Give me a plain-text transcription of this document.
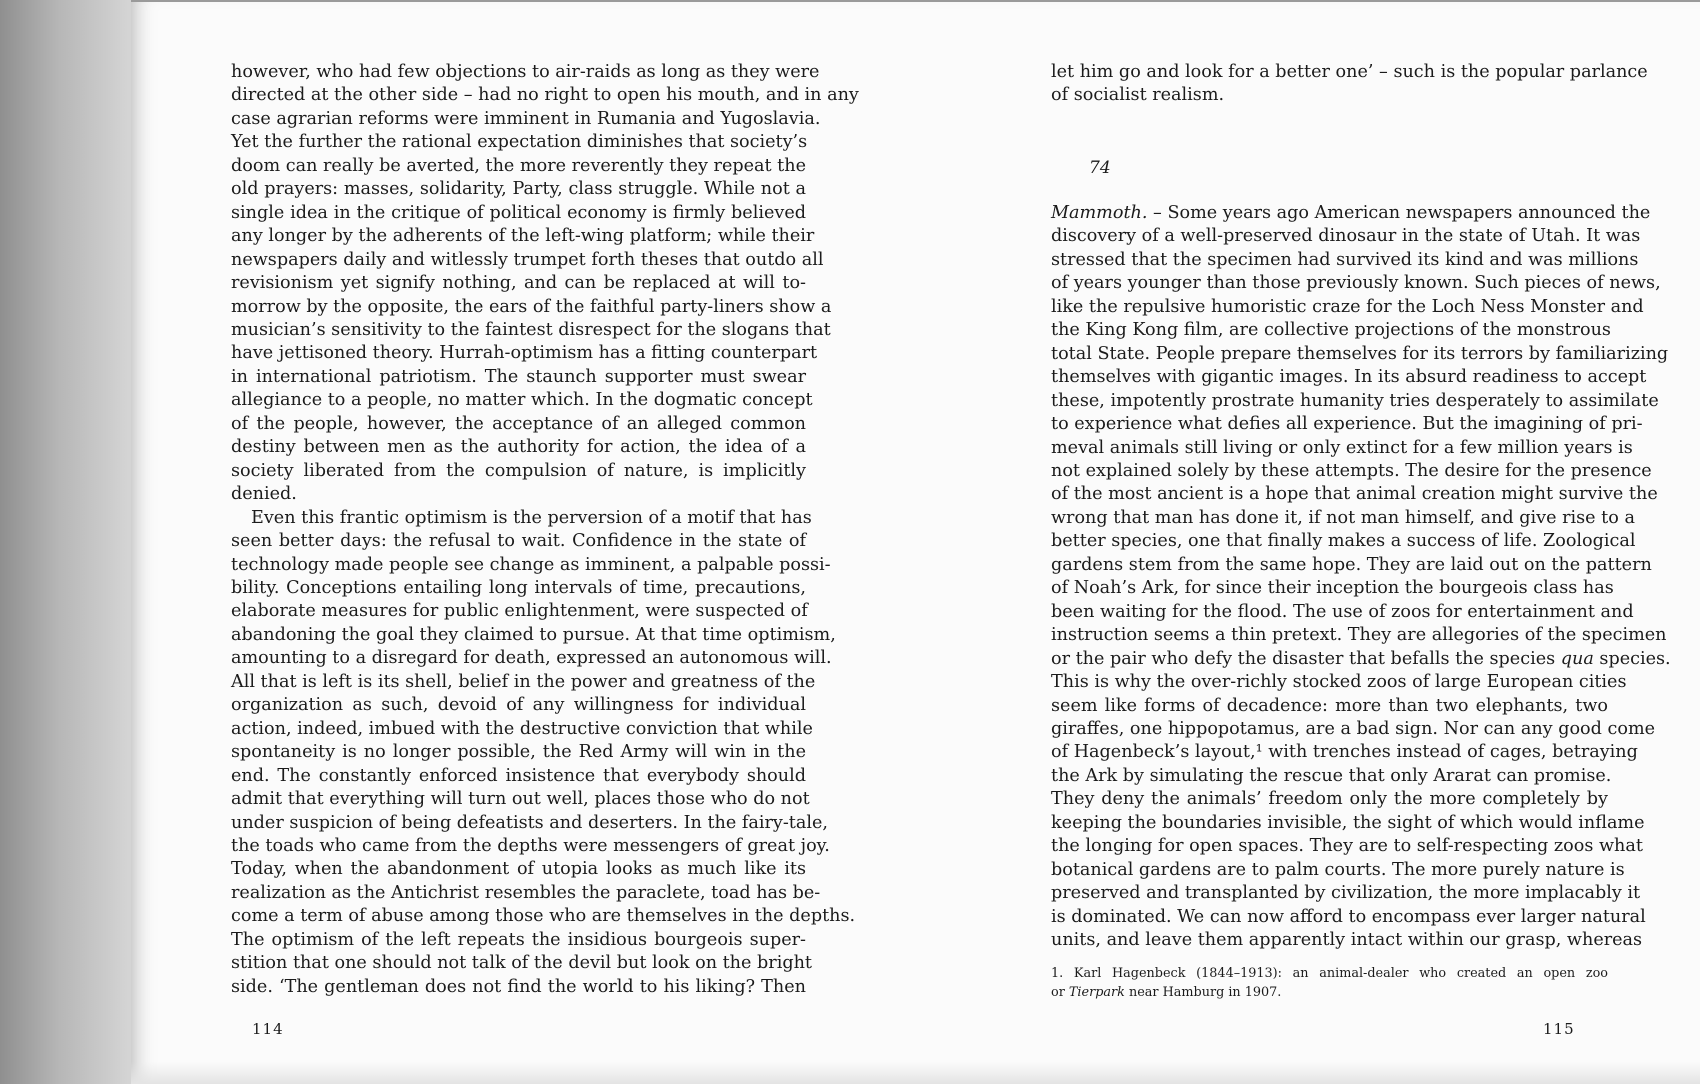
however, who had few objections to air-raids as long as they were
directed at the other side – had no right to open his mouth, and in any
case agrarian reforms were imminent in Rumania and Yugoslavia.
Yet the further the rational expectation diminishes that society’s
doom can really be averted, the more reverently they repeat the
old prayers: masses, solidarity, Party, class struggle. While not a
single idea in the critique of political economy is firmly believed
any longer by the adherents of the left-wing platform; while their
newspapers daily and witlessly trumpet forth theses that outdo all
revisionism yet signify nothing, and can be replaced at will to-
morrow by the opposite, the ears of the faithful party-liners show a
musician’s sensitivity to the faintest disrespect for the slogans that
have jettisoned theory. Hurrah-optimism has a fitting counterpart
in international patriotism. The staunch supporter must swear
allegiance to a people, no matter which. In the dogmatic concept
of the people, however, the acceptance of an alleged common
destiny between men as the authority for action, the idea of a
society liberated from the compulsion of nature, is implicitly
denied.
Even this frantic optimism is the perversion of a motif that has
seen better days: the refusal to wait. Confidence in the state of
technology made people see change as imminent, a palpable possi-
bility. Conceptions entailing long intervals of time, precautions,
elaborate measures for public enlightenment, were suspected of
abandoning the goal they claimed to pursue. At that time optimism,
amounting to a disregard for death, expressed an autonomous will.
All that is left is its shell, belief in the power and greatness of the
organization as such, devoid of any willingness for individual
action, indeed, imbued with the destructive conviction that while
spontaneity is no longer possible, the Red Army will win in the
end. The constantly enforced insistence that everybody should
admit that everything will turn out well, places those who do not
under suspicion of being defeatists and deserters. In the fairy-tale,
the toads who came from the depths were messengers of great joy.
Today, when the abandonment of utopia looks as much like its
realization as the Antichrist resembles the paraclete, toad has be-
come a term of abuse among those who are themselves in the depths.
The optimism of the left repeats the insidious bourgeois super-
stition that one should not talk of the devil but look on the bright
side. ‘The gentleman does not find the world to his liking? Then
114
let him go and look for a better one’ – such is the popular parlance
of socialist realism.
74
Mammoth. – Some years ago American newspapers announced the
discovery of a well-preserved dinosaur in the state of Utah. It was
stressed that the specimen had survived its kind and was millions
of years younger than those previously known. Such pieces of news,
like the repulsive humoristic craze for the Loch Ness Monster and
the King Kong film, are collective projections of the monstrous
total State. People prepare themselves for its terrors by familiarizing
themselves with gigantic images. In its absurd readiness to accept
these, impotently prostrate humanity tries desperately to assimilate
to experience what defies all experience. But the imagining of pri-
meval animals still living or only extinct for a few million years is
not explained solely by these attempts. The desire for the presence
of the most ancient is a hope that animal creation might survive the
wrong that man has done it, if not man himself, and give rise to a
better species, one that finally makes a success of life. Zoological
gardens stem from the same hope. They are laid out on the pattern
of Noah’s Ark, for since their inception the bourgeois class has
been waiting for the flood. The use of zoos for entertainment and
instruction seems a thin pretext. They are allegories of the specimen
or the pair who defy the disaster that befalls the species qua species.
This is why the over-richly stocked zoos of large European cities
seem like forms of decadence: more than two elephants, two
giraffes, one hippopotamus, are a bad sign. Nor can any good come
of Hagenbeck’s layout,¹ with trenches instead of cages, betraying
the Ark by simulating the rescue that only Ararat can promise.
They deny the animals’ freedom only the more completely by
keeping the boundaries invisible, the sight of which would inflame
the longing for open spaces. They are to self-respecting zoos what
botanical gardens are to palm courts. The more purely nature is
preserved and transplanted by civilization, the more implacably it
is dominated. We can now afford to encompass ever larger natural
units, and leave them apparently intact within our grasp, whereas
1. Karl Hagenbeck (1844–1913): an animal-dealer who created an open zoo
or Tierpark near Hamburg in 1907.
115
